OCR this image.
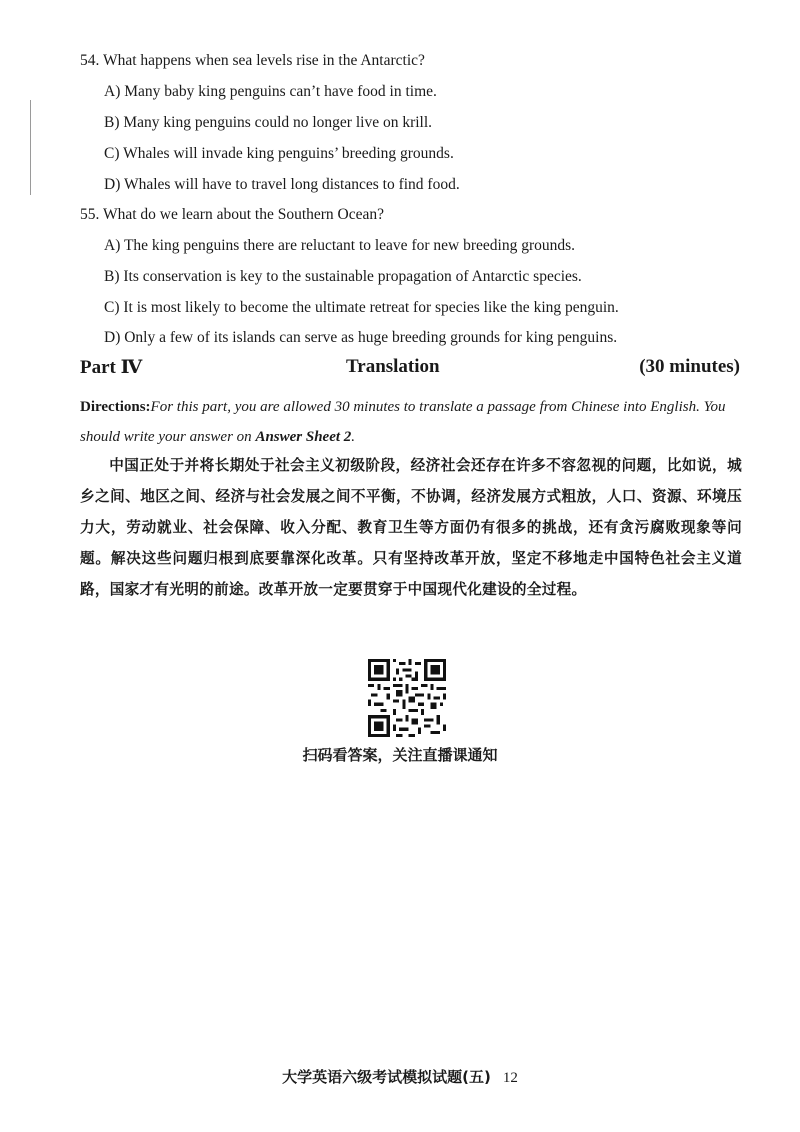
54. What happens when sea levels rise in the Antarctic?
A) Many baby king penguins can’t have food in time.
B) Many king penguins could no longer live on krill.
C) Whales will invade king penguins’ breeding grounds.
D) Whales will have to travel long distances to find food.
55. What do we learn about the Southern Ocean?
A) The king penguins there are reluctant to leave for new breeding grounds.
B) Its conservation is key to the sustainable propagation of Antarctic species.
C) It is most likely to become the ultimate retreat for species like the king penguin.
D) Only a few of its islands can serve as huge breeding grounds for king penguins.
Part Ⅳ	Translation	(30 minutes)
Directions:For this part, you are allowed 30 minutes to translate a passage from Chinese into English. You should write your answer on Answer Sheet 2.
中国正处于并将长期处于社会主义初级阶段，经济社会还存在许多不容忽视的问题，比如说，城乡之间、地区之间、经济与社会发展之间不平衡，不协调，经济发展方式粗放，人口、资源、环境压力大，劳动就业、社会保障、收入分配、教育卫生等方面仍有很多的挑战，还有贪污腐败现象等问题。解决这些问题归根到底要靠深化改革。只有坚持改革开放，坚定不移地走中国特色社会主义道路，国家才有光明的前途。改革开放一定要贯穿于中国现代化建设的全过程。
扫码看答案，关注直播课通知
大学英语六级考试模拟试题(五) 12
